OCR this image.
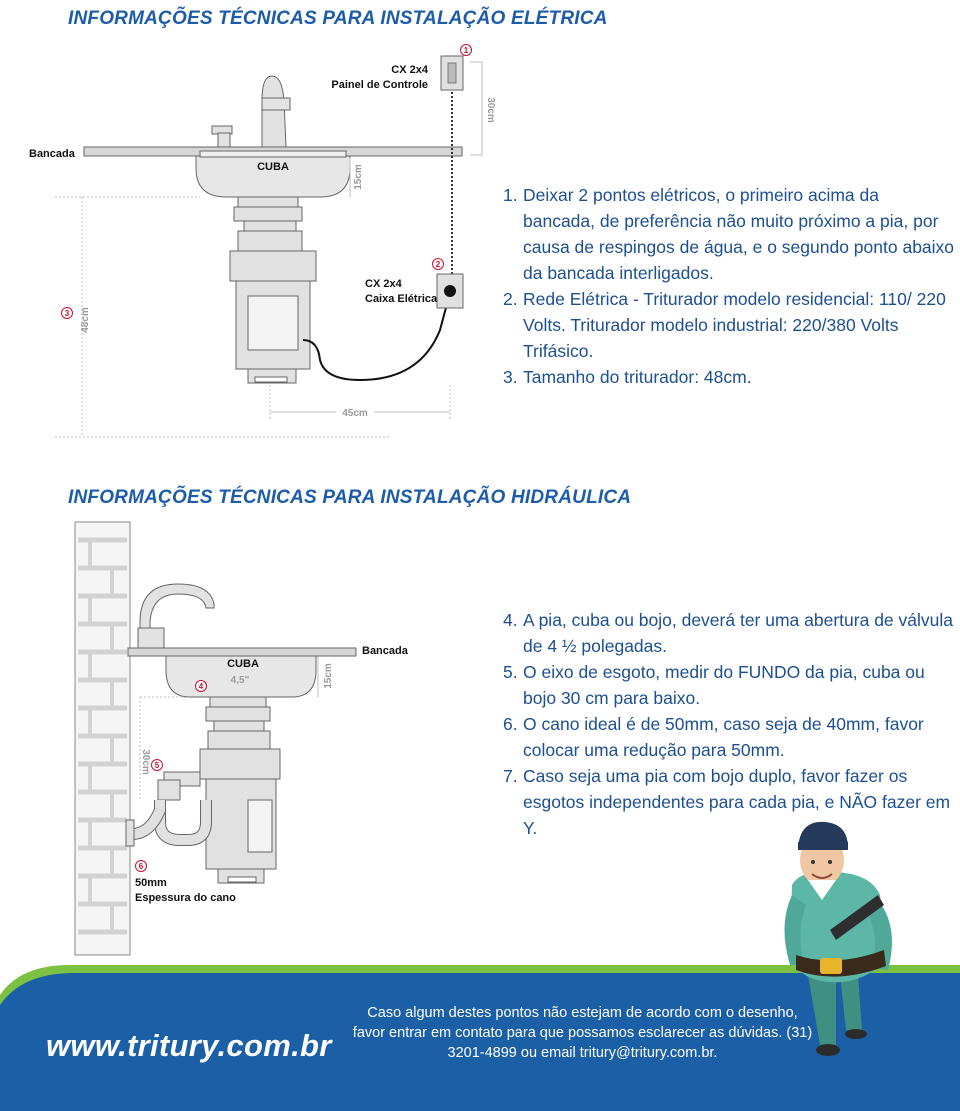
INFORMAÇÕES TÉCNICAS PARA INSTALAÇÃO ELÉTRICA
INFORMAÇÕES TÉCNICAS PARA INSTALAÇÃO HIDRÁULICA
1
2
3
Bancada
CUBA
CX 2x4
Painel de Controle
CX 2x4
Caixa Elétrica
30cm
15cm
48cm
45cm
1. Deixar 2 pontos elétricos, o primeiro acima da bancada, de preferência não muito próximo a pia, por causa de respingos de água, e o segundo ponto abaixo da bancada interligados.
2. Rede Elétrica - Triturador modelo residencial: 110/ 220 Volts. Triturador modelo industrial: 220/380 Volts Trifásico.
3. Tamanho do triturador: 48cm.
4
5
6
Bancada
CUBA
4,5"	15cm
30cm
50mm
Espessura do cano
4. A pia, cuba ou bojo, deverá ter uma abertura de válvula de 4 ½ polegadas.
5. O eixo de esgoto, medir do FUNDO da pia, cuba ou bojo 30 cm para baixo.
6. O cano ideal é de 50mm, caso seja de 40mm, favor colocar uma redução para 50mm.
7. Caso seja uma pia com bojo duplo, favor fazer os esgotos independentes para cada pia, e NÃO fazer em Y.
www.tritury.com.br
Caso algum destes pontos não estejam de acordo com o desenho, favor entrar em contato para que possamos esclarecer as dúvidas. (31) 3201-4899 ou email tritury@tritury.com.br.
